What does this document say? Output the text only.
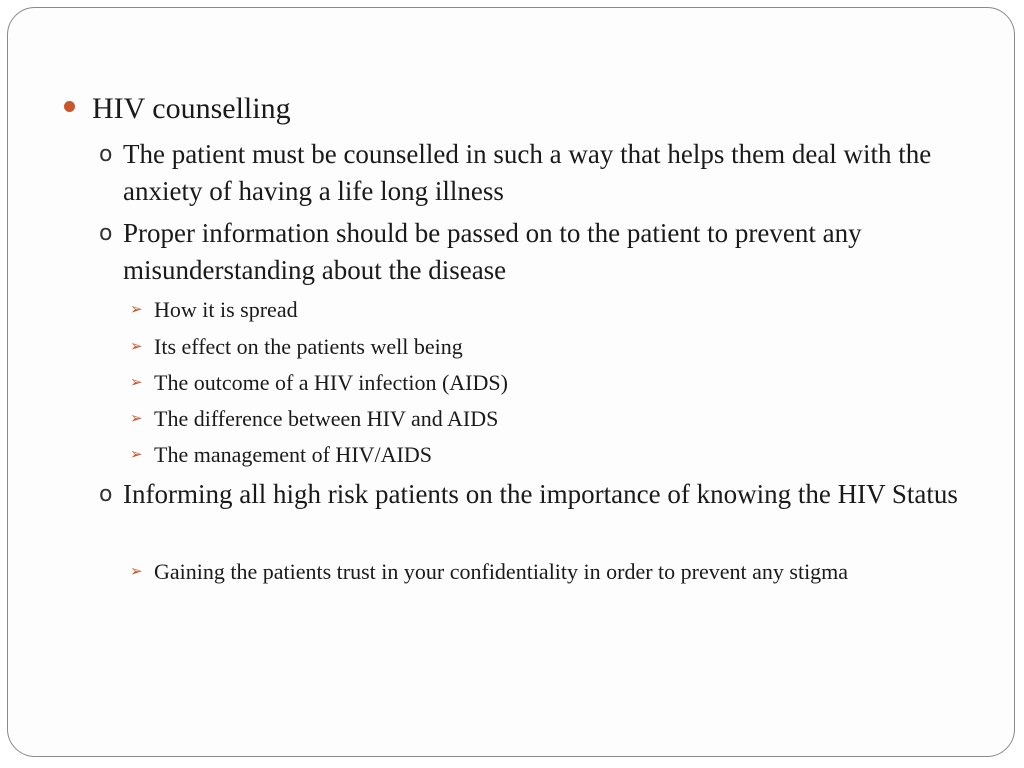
HIV counselling
o The patient must be counselled in such a way that helps them deal with the anxiety of having a life long illness
o Proper information should be passed on to the patient to prevent any misunderstanding about the disease
➢ How it is spread
➢ Its effect on the patients well being
➢ The outcome of a HIV infection (AIDS)
➢ The difference between HIV and AIDS
➢ The management of HIV/AIDS
o Informing all high risk patients on the importance of knowing the HIV Status
➢ Gaining the patients trust in your confidentiality in order to prevent any stigma
